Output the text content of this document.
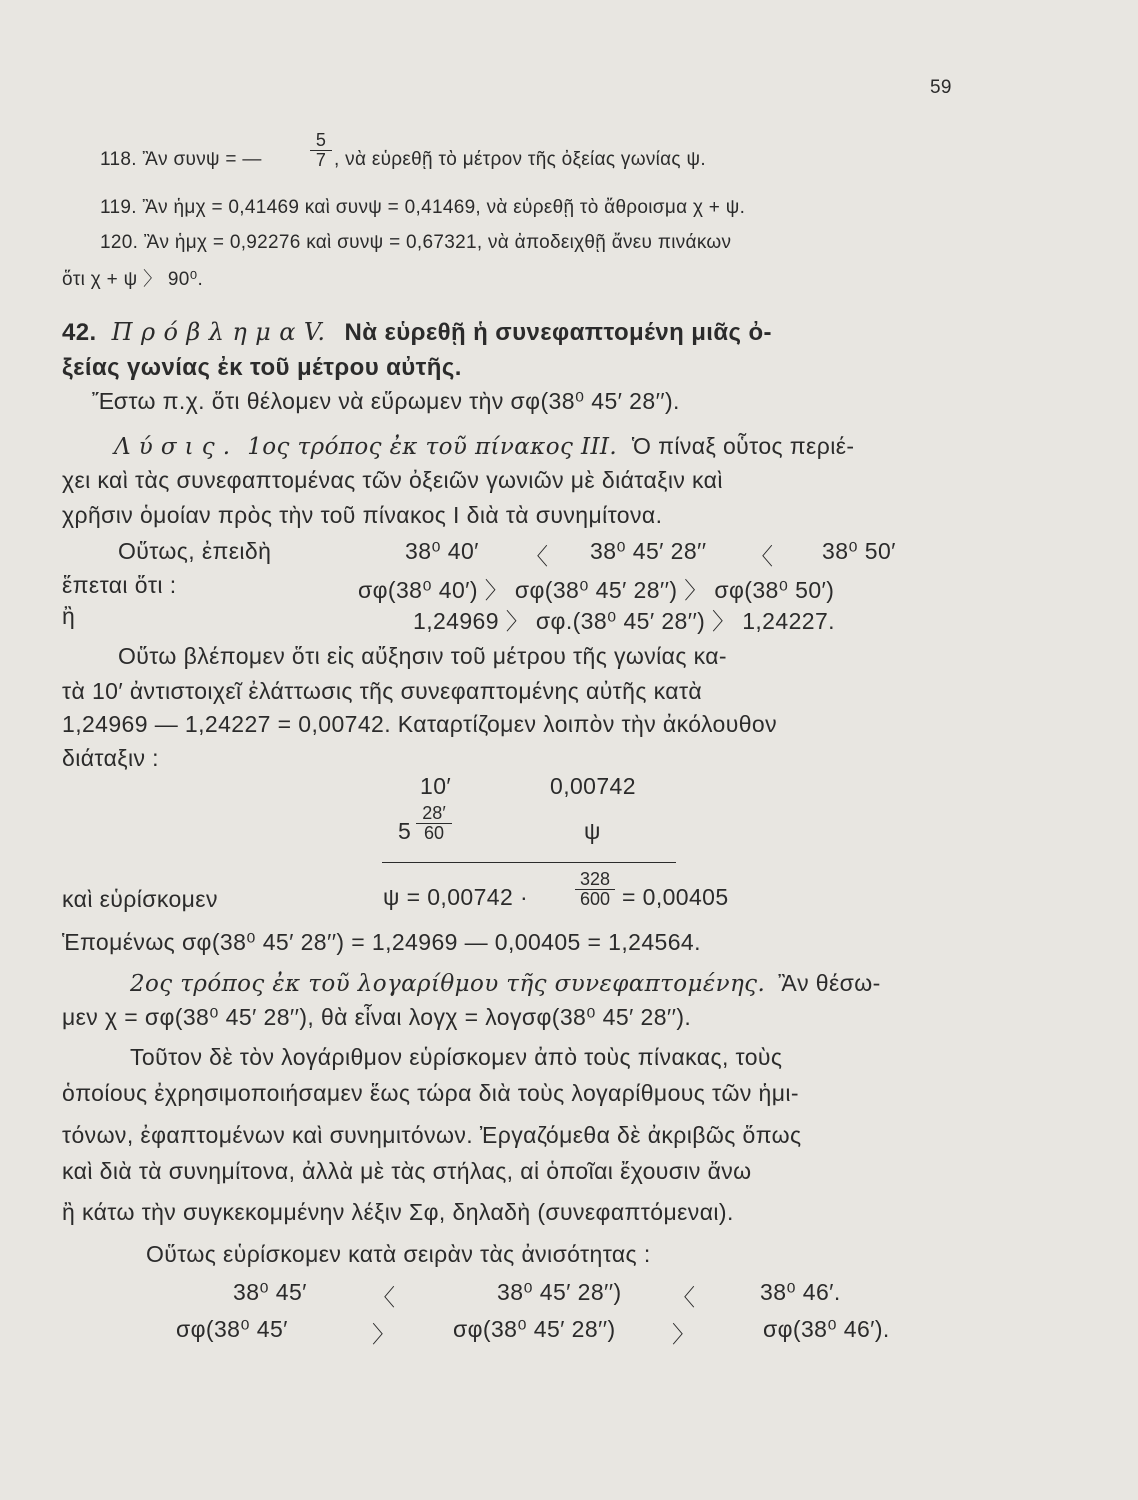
59
118. Ἂν συνψ = —	$\frac{5}{7}$ , νὰ εὑρεθῇ τὸ μέτρον τῆς ὀξείας γωνίας ψ.
119. Ἂν ἡμχ = 0,41469 καὶ συνψ = 0,41469, νὰ εὑρεθῇ τὸ ἄθροισμα χ + ψ.
120. Ἂν ἡμχ = 0,92276 καὶ συνψ = 0,67321, νὰ ἀποδειχθῇ ἄνευ πινάκων
ὅτι χ + ψ 〉 90⁰.
42. Π ρ ό β λ η μ α V. Νὰ εὑρεθῇ ἡ συνεφαπτομένη μιᾶς ὀ-
ξείας γωνίας ἐκ τοῦ μέτρου αὐτῆς.
Ἔστω π.χ. ὅτι θέλομεν νὰ εὕρωμεν τὴν σφ(38⁰ 45′ 28′′).
Λ ύ σ ι ς . 1ος τρόπος ἐκ τοῦ πίνακος ΙΙΙ. Ὁ πίναξ οὗτος περιέ-
χει καὶ τὰς συνεφαπτομένας τῶν ὀξειῶν γωνιῶν μὲ διάταξιν καὶ
χρῆσιν ὁμοίαν πρὸς τὴν τοῦ πίνακος Ι διὰ τὰ συνημίτονα.
Οὕτως, ἐπειδὴ	38⁰ 40′ 〈 38⁰ 45′ 28′′ 〈 38⁰ 50′
ἕπεται ὅτι :	σφ(38⁰ 40′) 〉 σφ(38⁰ 45′ 28′′) 〉 σφ(38⁰ 50′)
ἢ	1,24969 〉 σφ.(38⁰ 45′ 28′′) 〉 1,24227.
Οὕτω βλέπομεν ὅτι εἰς αὔξησιν τοῦ μέτρου τῆς γωνίας κα-
τὰ 10′ ἀντιστοιχεῖ ἐλάττωσις τῆς συνεφαπτομένης αὐτῆς κατὰ
1,24969 — 1,24227 = 0,00742. Καταρτίζομεν λοιπὸν τὴν ἀκόλουθον
διάταξιν :
10′	0,00742
$5 \frac{28'}{60}$	ψ
καὶ εὑρίσκομεν	ψ = 0,00742 ·	$\frac{328}{600} = 0,00405$
Ἑπομένως σφ(38⁰ 45′ 28′′) = 1,24969 — 0,00405 = 1,24564.
2ος τρόπος ἐκ τοῦ λογαρίθμου τῆς συνεφαπτομένης. Ἂν θέσω-
μεν χ = σφ(38⁰ 45′ 28′′), θὰ εἶναι λογχ = λογσφ(38⁰ 45′ 28′′).
Τοῦτον δὲ τὸν λογάριθμον εὑρίσκομεν ἀπὸ τοὺς πίνακας, τοὺς
ὁποίους ἐχρησιμοποιήσαμεν ἕως τώρα διὰ τοὺς λογαρίθμους τῶν ἡμι-
τόνων, ἐφαπτομένων καὶ συνημιτόνων. Ἐργαζόμεθα δὲ ἀκριβῶς ὅπως
καὶ διὰ τὰ συνημίτονα, ἀλλὰ μὲ τὰς στήλας, αἱ ὁποῖαι ἔχουσιν ἄνω
ἢ κάτω τὴν συγκεκομμένην λέξιν Σφ, δηλαδὴ (συνεφαπτόμεναι).
Οὕτως εὑρίσκομεν κατὰ σειρὰν τὰς ἀνισότητας :
38⁰ 45′	〈	38⁰ 45′ 28′′) 〈	38⁰ 46′.
σφ(38⁰ 45′	〉	σφ(38⁰ 45′ 28′′) 〉	σφ(38⁰ 46′).
